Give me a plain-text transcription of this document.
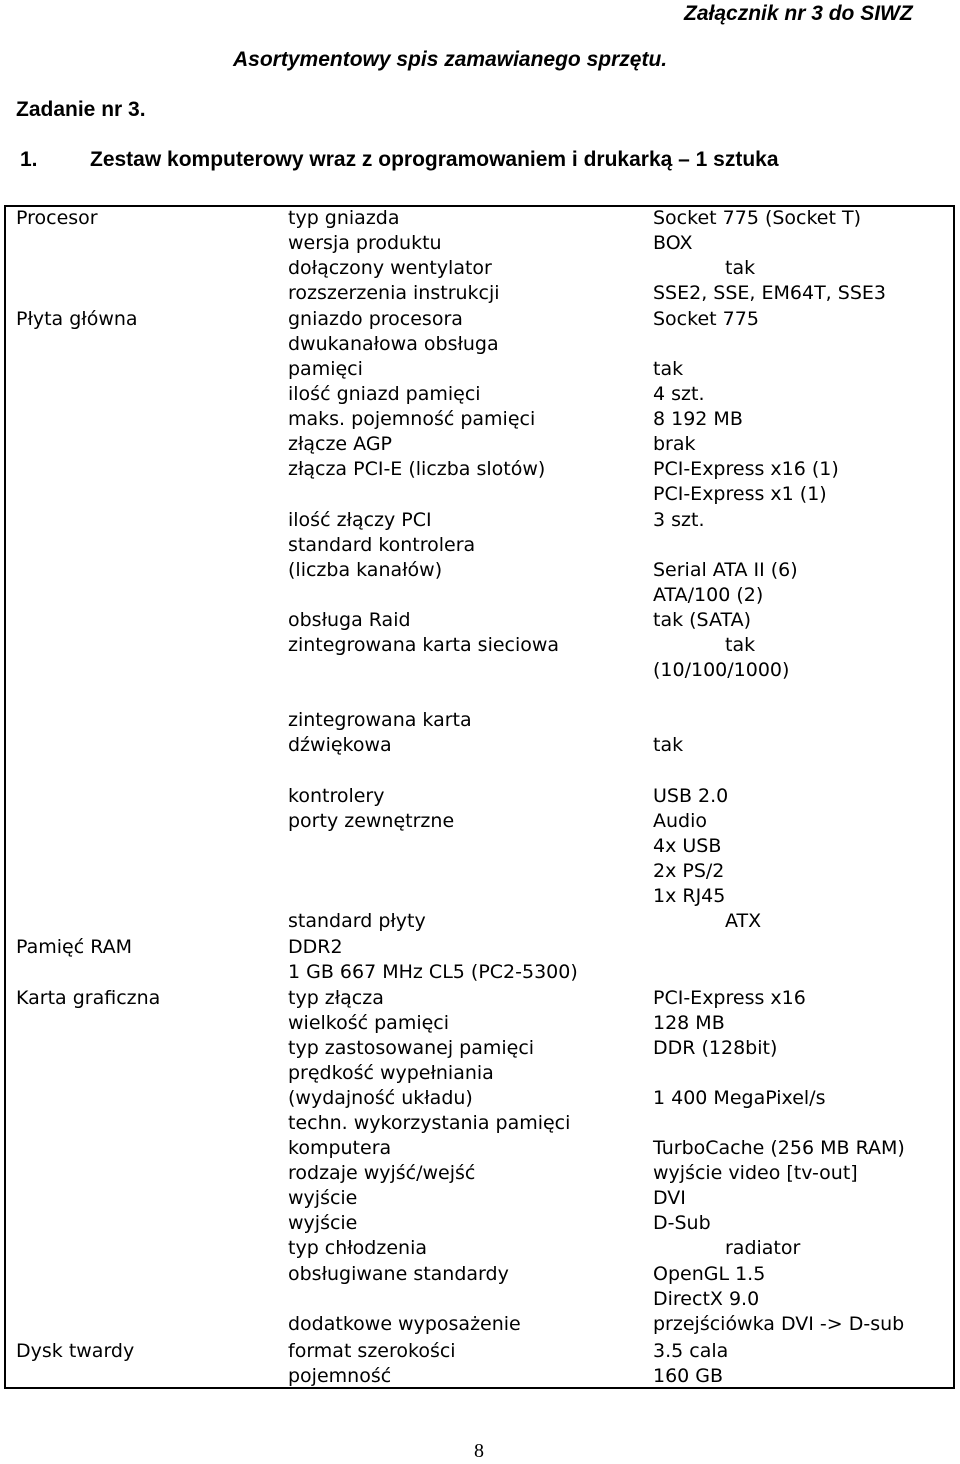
Załącznik nr 3 do SIWZ
Asortymentowy spis zamawianego sprzętu.
Zadanie nr 3.
1. Zestaw komputerowy wraz z oprogramowaniem i drukarką – 1 sztuka
Procesor
Płyta główna
Pamięć RAM
Karta graficzna
Dysk twardy
typ gniazda
wersja produktu
dołączony wentylator
rozszerzenia instrukcji
gniazdo procesora
dwukanałowa obsługa
pamięci
ilość gniazd pamięci
maks. pojemność pamięci
złącze AGP
złącza PCI-E (liczba slotów)
ilość złączy PCI
standard kontrolera
(liczba kanałów)
obsługa Raid
zintegrowana karta sieciowa
zintegrowana karta
dźwiękowa
kontrolery
porty zewnętrzne
standard płyty
DDR2
1 GB 667 MHz CL5 (PC2-5300)
typ złącza
wielkość pamięci
typ zastosowanej pamięci
prędkość wypełniania
(wydajność układu)
techn. wykorzystania pamięci
komputera
rodzaje wyjść/wejść
wyjście
wyjście
typ chłodzenia
obsługiwane standardy
dodatkowe wyposażenie
format szerokości
pojemność
Socket 775 (Socket T)
BOX
tak
SSE2, SSE, EM64T, SSE3
Socket 775
tak
4 szt.
8 192 MB
brak
PCI-Express x16 (1)
PCI-Express x1 (1)
3 szt.
Serial ATA II (6)
ATA/100 (2)
tak (SATA)
tak
(10/100/1000)
tak
USB 2.0
Audio
4x USB
2x PS/2
1x RJ45
ATX
PCI-Express x16
128 MB
DDR (128bit)
1 400 MegaPixel/s
TurboCache (256 MB RAM)
wyjście video [tv-out]
DVI
D-Sub
radiator
OpenGL 1.5
DirectX 9.0
przejściówka DVI -> D-sub
3.5 cala
160 GB
8
